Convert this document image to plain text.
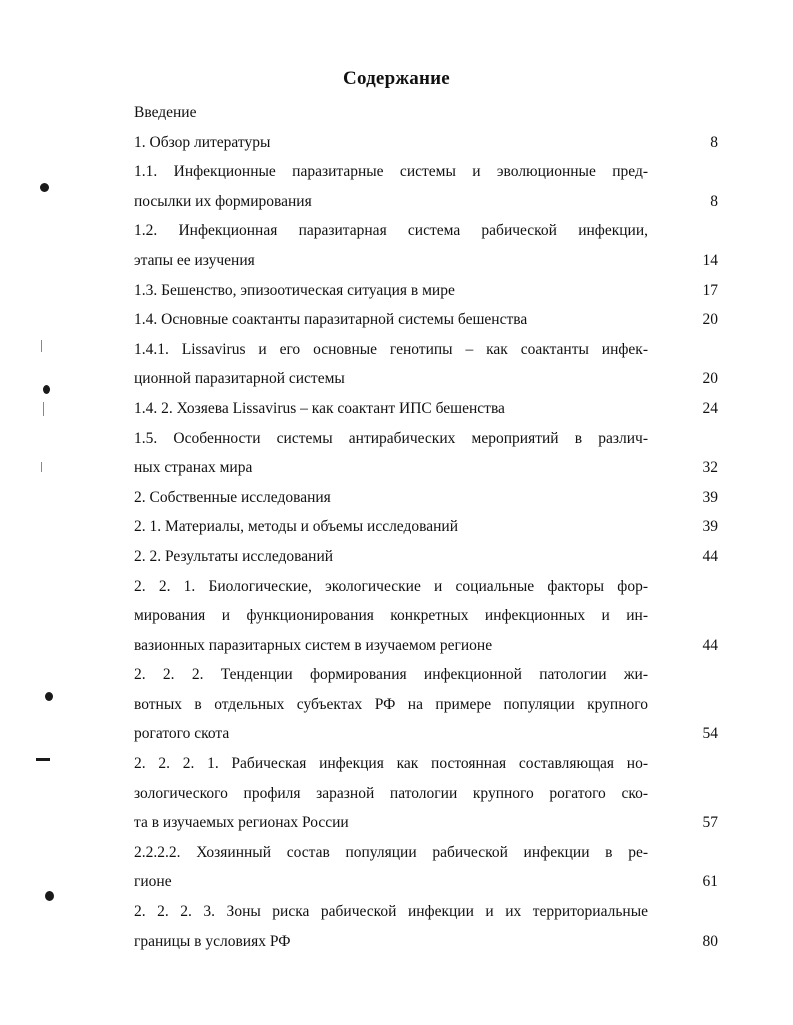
Содержание
Введение
1. Обзор литературы	8
1.1. Инфекционные паразитарные системы и эволюционные пред-
посылки их формирования	8
1.2. Инфекционная паразитарная система рабической инфекции,
этапы ее изучения	14
1.3. Бешенство, эпизоотическая ситуация в мире	17
1.4. Основные соактанты паразитарной системы бешенства	20
1.4.1. Lissavirus и его основные генотипы – как соактанты инфек-
ционной паразитарной системы	20
1.4. 2. Хозяева Lissavirus – как соактант ИПС бешенства	24
1.5. Особенности системы антирабических мероприятий в различ-
ных странах мира	32
2. Собственные исследования	39
2. 1. Материалы, методы и объемы исследований	39
2. 2. Результаты исследований	44
2. 2. 1. Биологические, экологические и социальные факторы фор-
мирования и функционирования конкретных инфекционных и ин-
вазионных паразитарных систем в изучаемом регионе	44
2. 2. 2. Тенденции формирования инфекционной патологии жи-
вотных в отдельных субъектах РФ на примере популяции крупного
рогатого скота	54
2. 2. 2. 1. Рабическая инфекция как постоянная составляющая но-
зологического профиля заразной патологии крупного рогатого ско-
та в изучаемых регионах России	57
2.2.2.2. Хозяинный состав популяции рабической инфекции в ре-
гионе	61
2. 2. 2. 3. Зоны риска рабической инфекции и их территориальные
границы в условиях РФ	80
